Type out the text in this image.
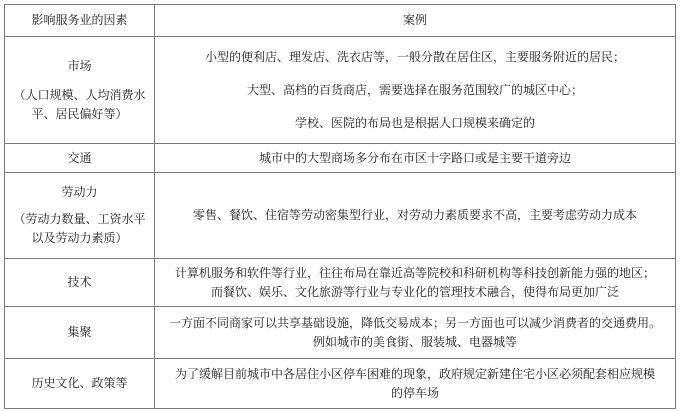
影响服务业的因素	案例
市场
（人口规模、人均消费水
平、居民偏好等）
小型的便利店、理发店、洗衣店等，一般分散在居住区，主要服务附近的居民；
大型、高档的百货商店，需要选择在服务范围较广的城区中心；
学校、医院的布局也是根据人口规模来确定的
交通	城市中的大型商场多分布在市区十字路口或是主要干道旁边
劳动力
（劳动力数量、工资水平
以及劳动力素质）
零售、餐饮、住宿等劳动密集型行业，对劳动力素质要求不高，主要考虑劳动力成本
技术
计算机服务和软件等行业，往往布局在靠近高等院校和科研机构等科技创新能力强的地区；
而餐饮、娱乐、文化旅游等行业与专业化的管理技术融合，使得布局更加广泛
集聚
一方面不同商家可以共享基础设施，降低交易成本；另一方面也可以减少消费者的交通费用。
例如城市的美食街、服装城、电器城等
历史文化、政策等
为了缓解目前城市中各居住小区停车困难的现象，政府规定新建住宅小区必须配套相应规模
的停车场
